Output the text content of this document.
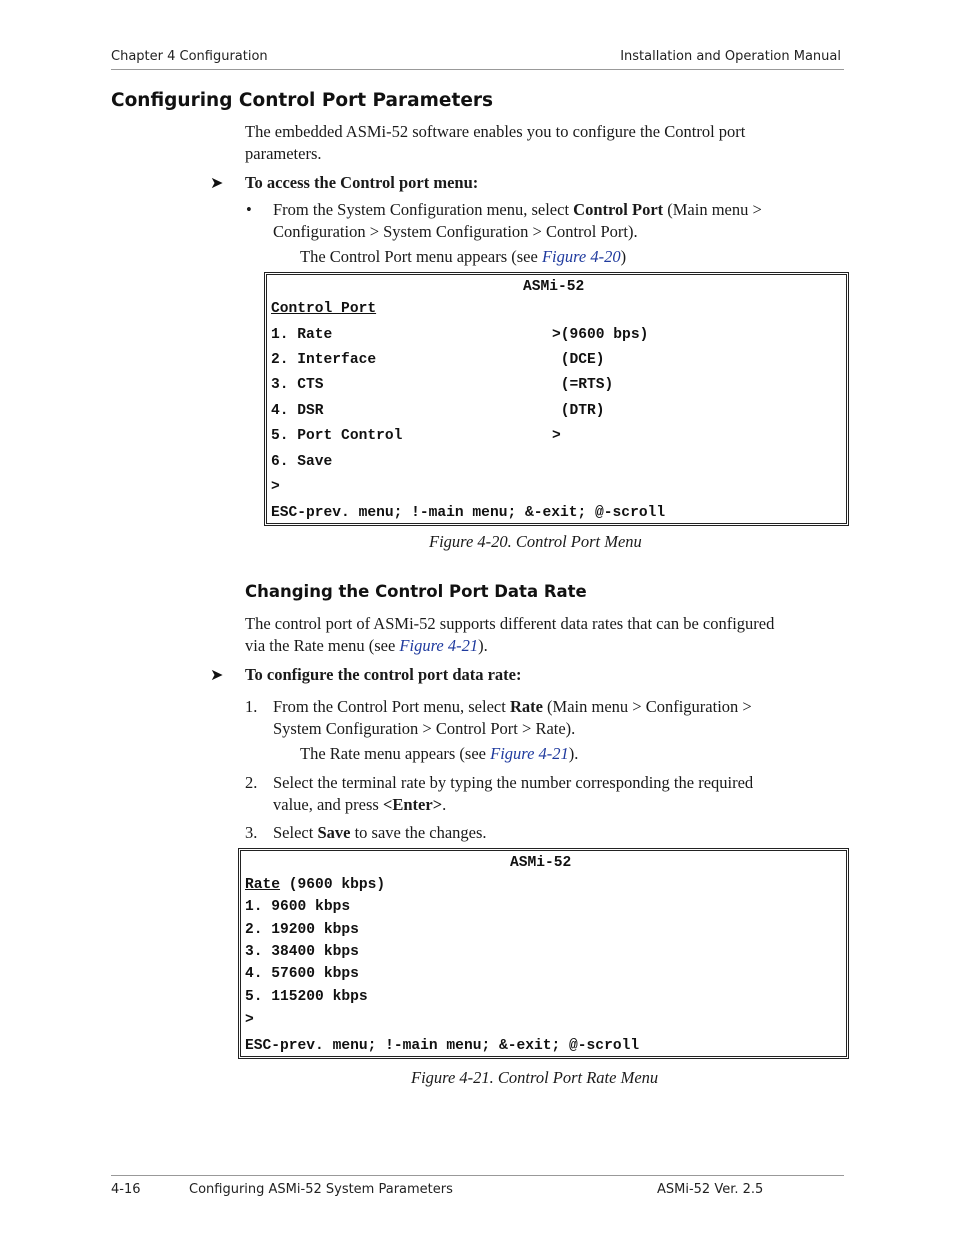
Chapter 4 Configuration	Installation and Operation Manual
Configuring Control Port Parameters
The embedded ASMi-52 software enables you to configure the Control port
parameters.
➤ To access the Control port menu:
• From the System Configuration menu, select Control Port (Main menu >
Configuration > System Configuration > Control Port).
The Control Port menu appears (see Figure 4-20)
ASMi-52
Control Port
1. Rate	>(9600 bps)
2. Interface	(DCE)
3. CTS	(=RTS)
4. DSR	(DTR)
5. Port Control	>
6. Save
>
ESC-prev. menu; !-main menu; &-exit; @-scroll
Figure 4-20. Control Port Menu
Changing the Control Port Data Rate
The control port of ASMi-52 supports different data rates that can be configured
via the Rate menu (see Figure 4-21).
➤ To configure the control port data rate:
1. From the Control Port menu, select Rate (Main menu > Configuration >
System Configuration > Control Port > Rate).
The Rate menu appears (see Figure 4-21).
2. Select the terminal rate by typing the number corresponding the required
value, and press <Enter>.
3. Select Save to save the changes.
ASMi-52
Rate (9600 kbps)
1. 9600 kbps
2. 19200 kbps
3. 38400 kbps
4. 57600 kbps
5. 115200 kbps
>
ESC-prev. menu; !-main menu; &-exit; @-scroll
Figure 4-21. Control Port Rate Menu
4-16	Configuring ASMi-52 System Parameters	ASMi-52 Ver. 2.5
